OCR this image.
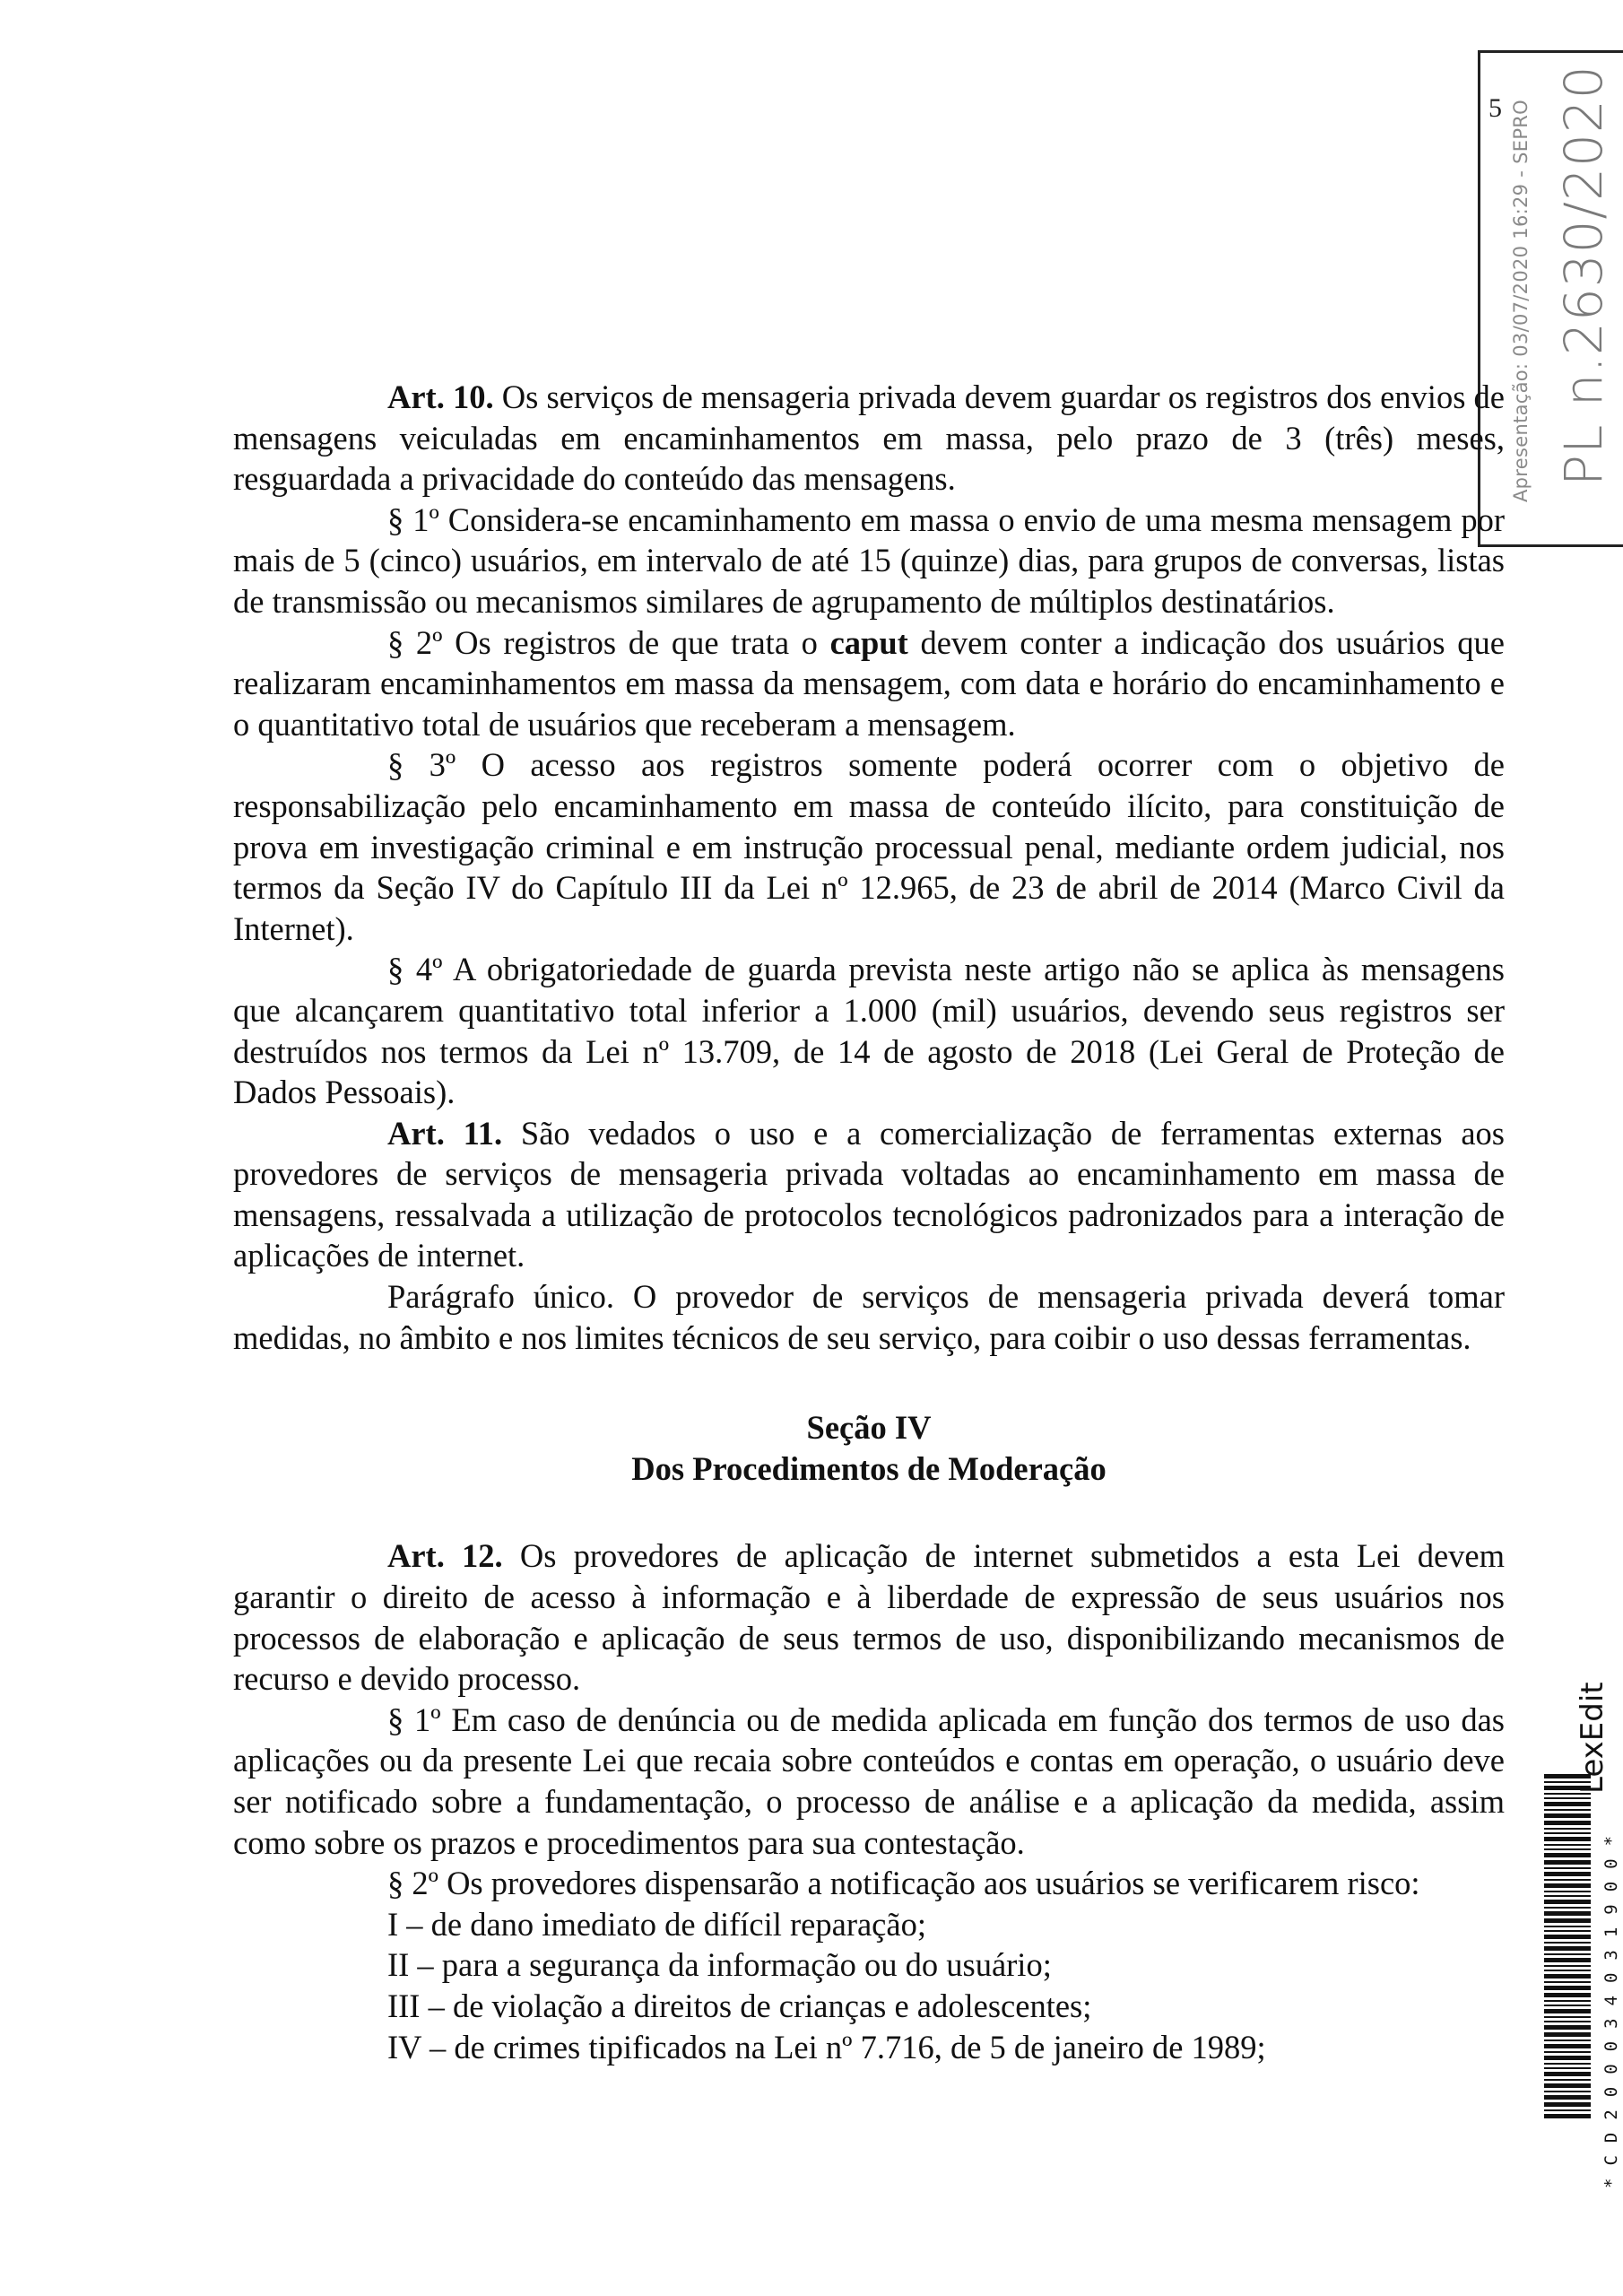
5 Apresentação: 03/07/2020 16:29 - SEPRO PL n.2630/2020

Art. 10. Os serviços de mensageria privada devem guardar os registros dos envios de mensagens veiculadas em encaminhamentos em massa, pelo prazo de 3 (três) meses, resguardada a privacidade do conteúdo das mensagens.

§ 1º Considera-se encaminhamento em massa o envio de uma mesma mensagem por mais de 5 (cinco) usuários, em intervalo de até 15 (quinze) dias, para grupos de conversas, listas de transmissão ou mecanismos similares de agrupamento de múltiplos destinatários.

§ 2º Os registros de que trata o caput devem conter a indicação dos usuários que realizaram encaminhamentos em massa da mensagem, com data e horário do encaminhamento e o quantitativo total de usuários que receberam a mensagem.

§ 3º O acesso aos registros somente poderá ocorrer com o objetivo de responsabilização pelo encaminhamento em massa de conteúdo ilícito, para constituição de prova em investigação criminal e em instrução processual penal, mediante ordem judicial, nos termos da Seção IV do Capítulo III da Lei nº 12.965, de 23 de abril de 2014 (Marco Civil da Internet).

§ 4º A obrigatoriedade de guarda prevista neste artigo não se aplica às mensagens que alcançarem quantitativo total inferior a 1.000 (mil) usuários, devendo seus registros ser destruídos nos termos da Lei nº 13.709, de 14 de agosto de 2018 (Lei Geral de Proteção de Dados Pessoais).

Art. 11. São vedados o uso e a comercialização de ferramentas externas aos provedores de serviços de mensageria privada voltadas ao encaminhamento em massa de mensagens, ressalvada a utilização de protocolos tecnológicos padronizados para a interação de aplicações de internet.

Parágrafo único. O provedor de serviços de mensageria privada deverá tomar medidas, no âmbito e nos limites técnicos de seu serviço, para coibir o uso dessas ferramentas.

Seção IV

Dos Procedimentos de Moderação

Art. 12. Os provedores de aplicação de internet submetidos a esta Lei devem garantir o direito de acesso à informação e à liberdade de expressão de seus usuários nos processos de elaboração e aplicação de seus termos de uso, disponibilizando mecanismos de recurso e devido processo.

§ 1º Em caso de denúncia ou de medida aplicada em função dos termos de uso das aplicações ou da presente Lei que recaia sobre conteúdos e contas em operação, o usuário deve ser notificado sobre a fundamentação, o processo de análise e a aplicação da medida, assim como sobre os prazos e procedimentos para sua contestação.

§ 2º Os provedores dispensarão a notificação aos usuários se verificarem risco:

I – de dano imediato de difícil reparação;

II – para a segurança da informação ou do usuário;

III – de violação a direitos de crianças e adolescentes;

IV – de crimes tipificados na Lei nº 7.716, de 5 de janeiro de 1989;	*CD200034031900*
LexEdit
